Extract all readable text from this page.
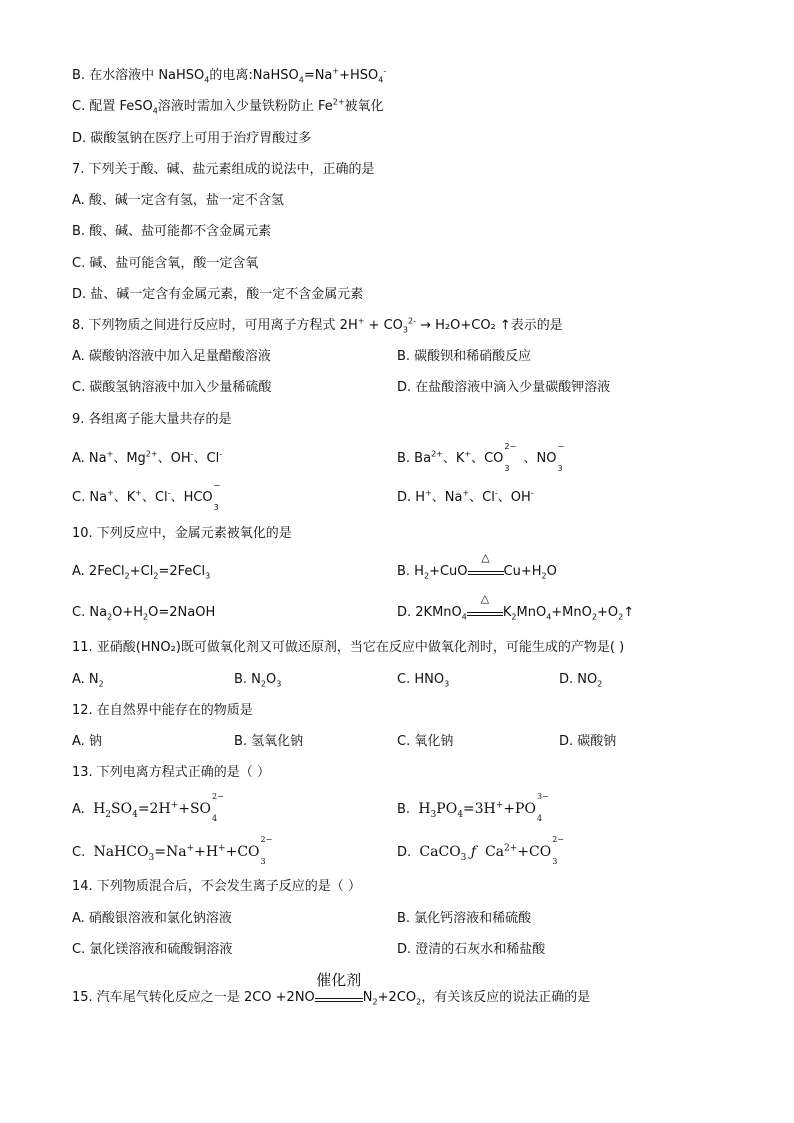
B. 在水溶液中 NaHSO$_4$的电离$:NaHSO_4=Na^++HSO_4^-$
C. 配置 FeSO$_4$溶液时需加入少量铁粉防止 $Fe^{2+}$被氧化
D. 碳酸氢钠在医疗上可用于治疗胃酸过多
7. 下列关于酸、碱、盐元素组成的说法中，正确的是
A. 酸、碱一定含有氢，盐一定不含氢
B. 酸、碱、盐可能都不含金属元素
C. 碱、盐可能含氧，酸一定含氧
D. 盐、碱一定含有金属元素，酸一定不含金属元素
8. 下列物质之间进行反应时，可用离子方程式 $2H^+ + CO_3^{2-} \to H_2O+CO_2$ ↑表示的是
A. 碳酸钠溶液中加入足量醋酸溶液	B. 碳酸钡和稀硝酸反应
C. 碳酸氢钠溶液中加入少量稀硫酸	D. 在盐酸溶液中滴入少量碳酸钾溶液
9. 各组离子能大量共存的是
A. Na+、$Mg^{2+}$、OH-、Cl-	B. $Ba^{2+}$、K+、CO
2−
3
、NO
−
3

C. Na+、K+、Cl-、HCO
−
3

D. H+、Na+、Cl-、OH-
10. 下列反应中，金属元素被氧化的是
A. $2FeCl_2+Cl_2=2FeCl_3$	B. $H_2+CuO$
△
$Cu+H_2O$
C. $Na_2O+H_2O=2NaOH$	D. 2KMnO$_4$
△
$K_2MnO_4+MnO_2+O_2↑$
11. 亚硝酸(HNO₂)既可做氧化剂又可做还原剂，当它在反应中做氧化剂时，可能生成的产物是( )
A. $N_2$	B. $N_2O_3$	C. $HNO_3$	D. $NO_2$
12. 在自然界中能存在的物质是
A. 钠	B. 氢氧化钠	C. 氧化钠	D. 碳酸钠
13. 下列电离方程式正确的是（ ）
A. $H_2SO_4=2H^++SO$
2−
4

B. $H_3PO_4=3H^++PO$
3−
4

C. NaHCO$_3$=Na++H++CO
2−
3

D. CaCO$_3$ ƒ  $Ca^{2+}+CO$
2−
3

14. 下列物质混合后，不会发生离子反应的是（ ）
A. 硝酸银溶液和氯化钠溶液	B. 氯化钙溶液和稀硫酸
C. 氯化镁溶液和硫酸铜溶液	D. 澄清的石灰水和稀盐酸
15. 汽车尾气转化反应之一是 2CO +2NO
催化剂
$N_2+2CO_2$，有关该反应的说法正确的是
